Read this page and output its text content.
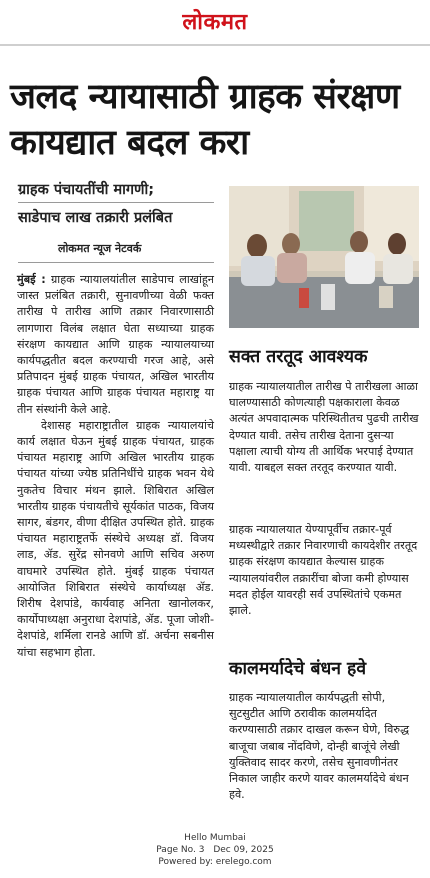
लोकमत
जलद न्यायासाठी ग्राहक संरक्षण कायद्यात बदल करा
ग्राहक पंचायतींची मागणी;
साडेपाच लाख तक्रारी प्रलंबित
लोकमत न्यूज नेटवर्क

मुंबई : ग्राहक न्यायालयांतील साडेपाच लाखांहून जास्त प्रलंबित तक्रारी, सुनावणीच्या वेळी फक्त तारीख पे तारीख आणि तक्रार निवारणासाठी लागणारा विलंब लक्षात घेता सध्याच्या ग्राहक संरक्षण कायद्यात आणि ग्राहक न्यायालयाच्या कार्यपद्धतीत बदल करण्याची गरज आहे, असे प्रतिपादन मुंबई ग्राहक पंचायत, अखिल भारतीय ग्राहक पंचायत आणि ग्राहक पंचायत महाराष्ट्र या तीन संस्थांनी केले आहे.

देशासह महाराष्ट्रातील ग्राहक न्यायालयांचे कार्य लक्षात घेऊन मुंबई ग्राहक पंचायत, ग्राहक पंचायत महाराष्ट्र आणि अखिल भारतीय ग्राहक पंचायत यांच्या ज्येष्ठ प्रतिनिधींचे ग्राहक भवन येथे नुकतेच विचार मंथन झाले. शिबिरात अखिल भारतीय ग्राहक पंचायतीचे सूर्यकांत पाठक, विजय सागर, बंडगर, वीणा दीक्षित उपस्थित होते. ग्राहक पंचायत महाराष्ट्रतर्फे संस्थेचे अध्यक्ष डॉ. विजय लाड, ॲड. सुरेंद्र सोनवणे आणि सचिव अरुण वाघमारे उपस्थित होते. मुंबई ग्राहक पंचायत आयोजित शिबिरात संस्थेचे कार्याध्यक्ष ॲड. शिरीष देशपांडे, कार्यवाह अनिता खानोलकर, कार्योपाध्यक्षा अनुराधा देशपांडे, ॲड. पूजा जोशी-देशपांडे, शर्मिला रानडे आणि डॉ. अर्चना सबनीस यांचा सहभाग होता.

सक्त तरतूद आवश्यक
ग्राहक न्यायालयातील तारीख पे तारीखला आळा घालण्यासाठी कोणत्याही पक्षकाराला केवळ अत्यंत अपवादात्मक परिस्थितीतच पुढची तारीख देण्यात यावी. तसेच तारीख देताना दुसऱ्या पक्षाला त्याची योग्य ती आर्थिक भरपाई देण्यात यावी. याबद्दल सक्त तरतूद करण्यात यावी.
ग्राहक न्यायालयात येण्यापूर्वीच तक्रार-पूर्व मध्यस्थीद्वारे तक्रार निवारणाची कायदेशीर तरतूद ग्राहक संरक्षण कायद्यात केल्यास ग्राहक न्यायालयांवरील तक्रारींचा बोजा कमी होण्यास मदत होईल यावरही सर्व उपस्थितांचे एकमत झाले.
कालमर्यादेचे बंधन हवे
ग्राहक न्यायालयातील कार्यपद्धती सोपी, सुटसुटीत आणि ठरावीक कालमर्यादेत करण्यासाठी तक्रार दाखल करून घेणे, विरुद्ध बाजूचा जबाब नोंदविणे, दोन्ही बाजूंचे लेखी युक्तिवाद सादर करणे, तसेच सुनावणीनंतर निकाल जाहीर करणे यावर कालमर्यादेचे बंधन हवे.
Hello Mumbai
Page No. 3 Dec 09, 2025
Powered by: erelego.com
